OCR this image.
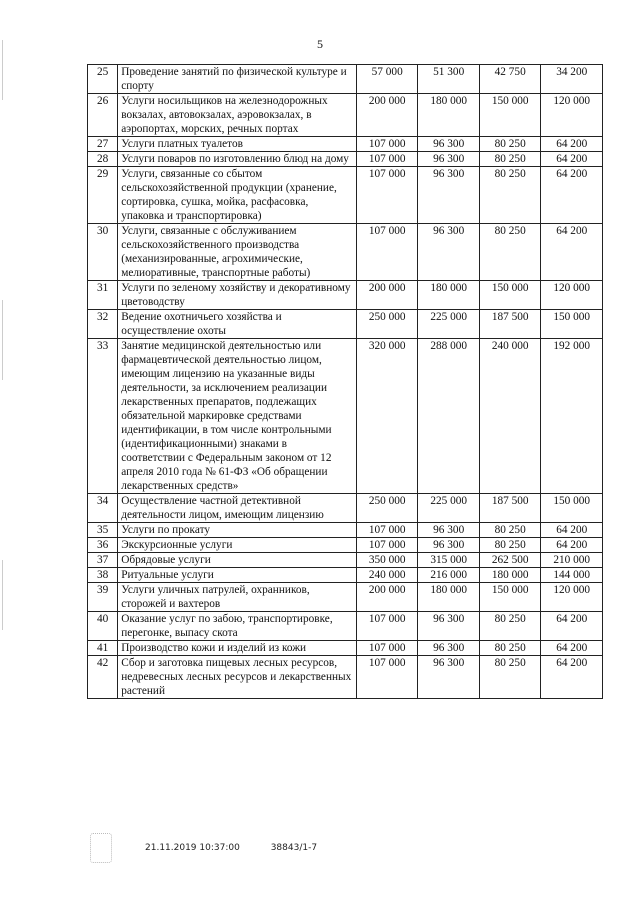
5
25	Проведение занятий по физической культуре и спорту	57 000	51 300	42 750	34 200
26	Услуги носильщиков на железнодорожных вокзалах, автовокзалах, аэровокзалах, в аэропортах, морских, речных портах	200 000	180 000	150 000	120 000
27	Услуги платных туалетов	107 000	96 300	80 250	64 200
28	Услуги поваров по изготовлению блюд на дому	107 000	96 300	80 250	64 200
29	Услуги, связанные со сбытом сельскохозяйственной продукции (хранение, сортировка, сушка, мойка, расфасовка, упаковка и транспортировка)	107 000	96 300	80 250	64 200
30	Услуги, связанные с обслуживанием сельскохозяйственного производства (механизированные, агрохимические, мелиоративные, транспортные работы)	107 000	96 300	80 250	64 200
31	Услуги по зеленому хозяйству и декоративному цветоводству	200 000	180 000	150 000	120 000
32	Ведение охотничьего хозяйства и осуществление охоты	250 000	225 000	187 500	150 000
33	Занятие медицинской деятельностью или фармацевтической деятельностью лицом, имеющим лицензию на указанные виды деятельности, за исключением реализации лекарственных препаратов, подлежащих обязательной маркировке средствами идентификации, в том числе контрольными (идентификационными) знаками в соответствии с Федеральным законом от 12 апреля 2010 года № 61-ФЗ «Об обращении лекарственных средств»	320 000	288 000	240 000	192 000
34	Осуществление частной детективной деятельности лицом, имеющим лицензию	250 000	225 000	187 500	150 000
35	Услуги по прокату	107 000	96 300	80 250	64 200
36	Экскурсионные услуги	107 000	96 300	80 250	64 200
37	Обрядовые услуги	350 000	315 000	262 500	210 000
38	Ритуальные услуги	240 000	216 000	180 000	144 000
39	Услуги уличных патрулей, охранников, сторожей и вахтеров	200 000	180 000	150 000	120 000
40	Оказание услуг по забою, транспортировке, перегонке, выпасу скота	107 000	96 300	80 250	64 200
41	Производство кожи и изделий из кожи	107 000	96 300	80 250	64 200
42	Сбор и заготовка пищевых лесных ресурсов, недревесных лесных ресурсов и лекарственных растений	107 000	96 300	80 250	64 200
21.11.2019 10:37:00	38843/1-7
